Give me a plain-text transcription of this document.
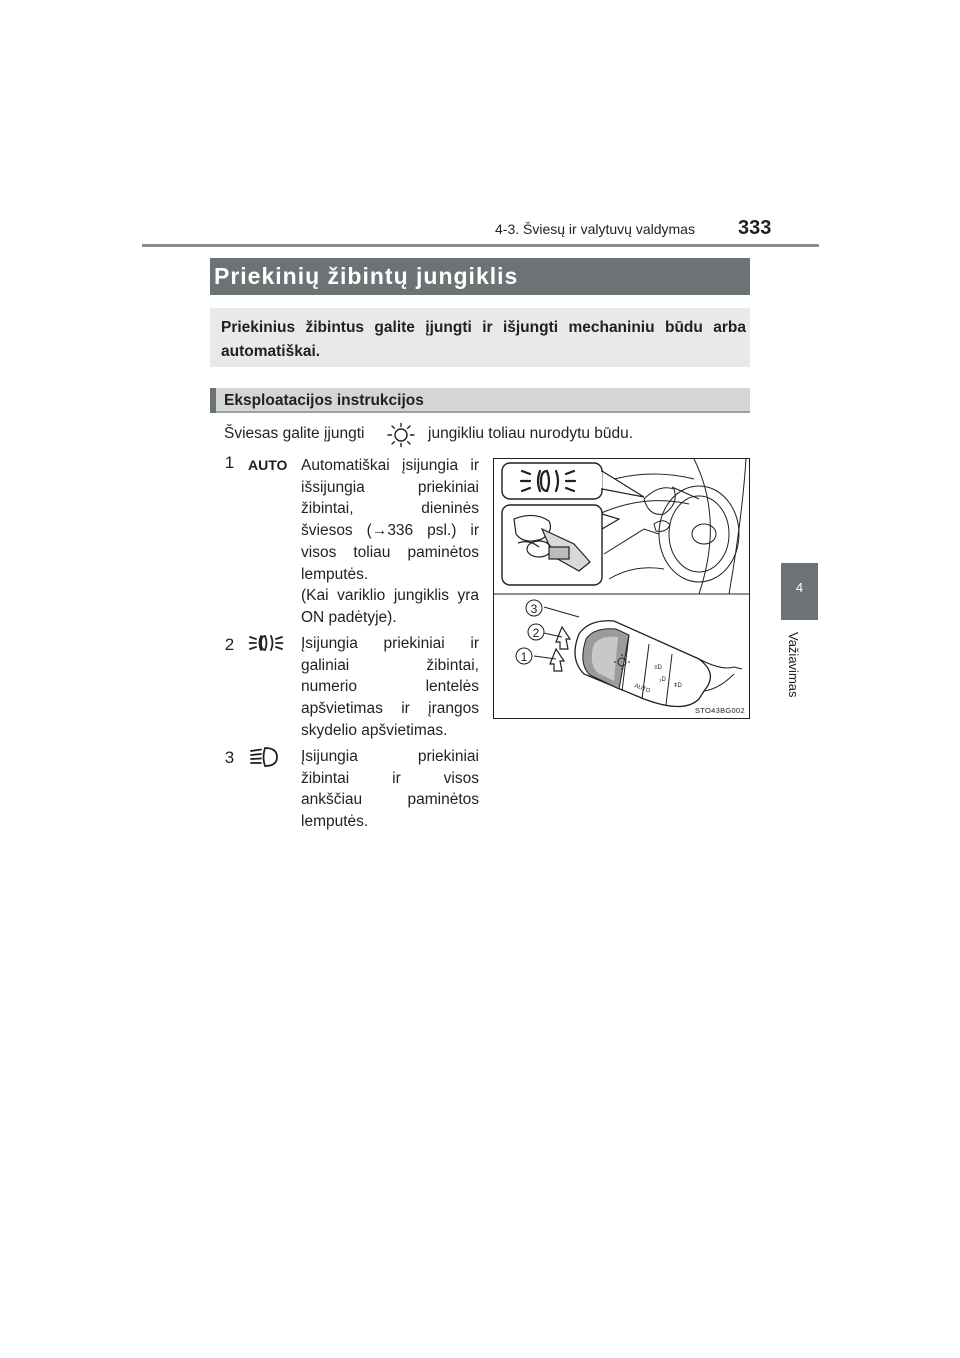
4-3. Šviesų ir valytuvų valdymas 333
4
Važiavimas
Priekinių žibintų jungiklis
Priekinius žibintus galite įjungti ir išjungti mechaniniu būdu arba automatiškai.
Eksploatacijos instrukcijos
Šviesas galite įjungti	jungikliu toliau nurodytu būdu.
1 AUTO Automatiškai įsijungia ir
išsijungia priekiniai
žibintai, dieninės
šviesos (→336 psl.) ir
visos toliau paminėtos
lemputės.
(Kai variklio jungiklis yra
ON padėtyje).
2	Įsijungia priekiniai ir
galiniai žibintai,
numerio lentelės
apšvietimas ir įrangos
skydelio apšvietimas.
3	Įsijungia priekiniai
žibintai ir visos
ankščiau paminėtos
lemputės.
AUTO
≡D
₃D
ǂD
3
2
1
STO43BG002
